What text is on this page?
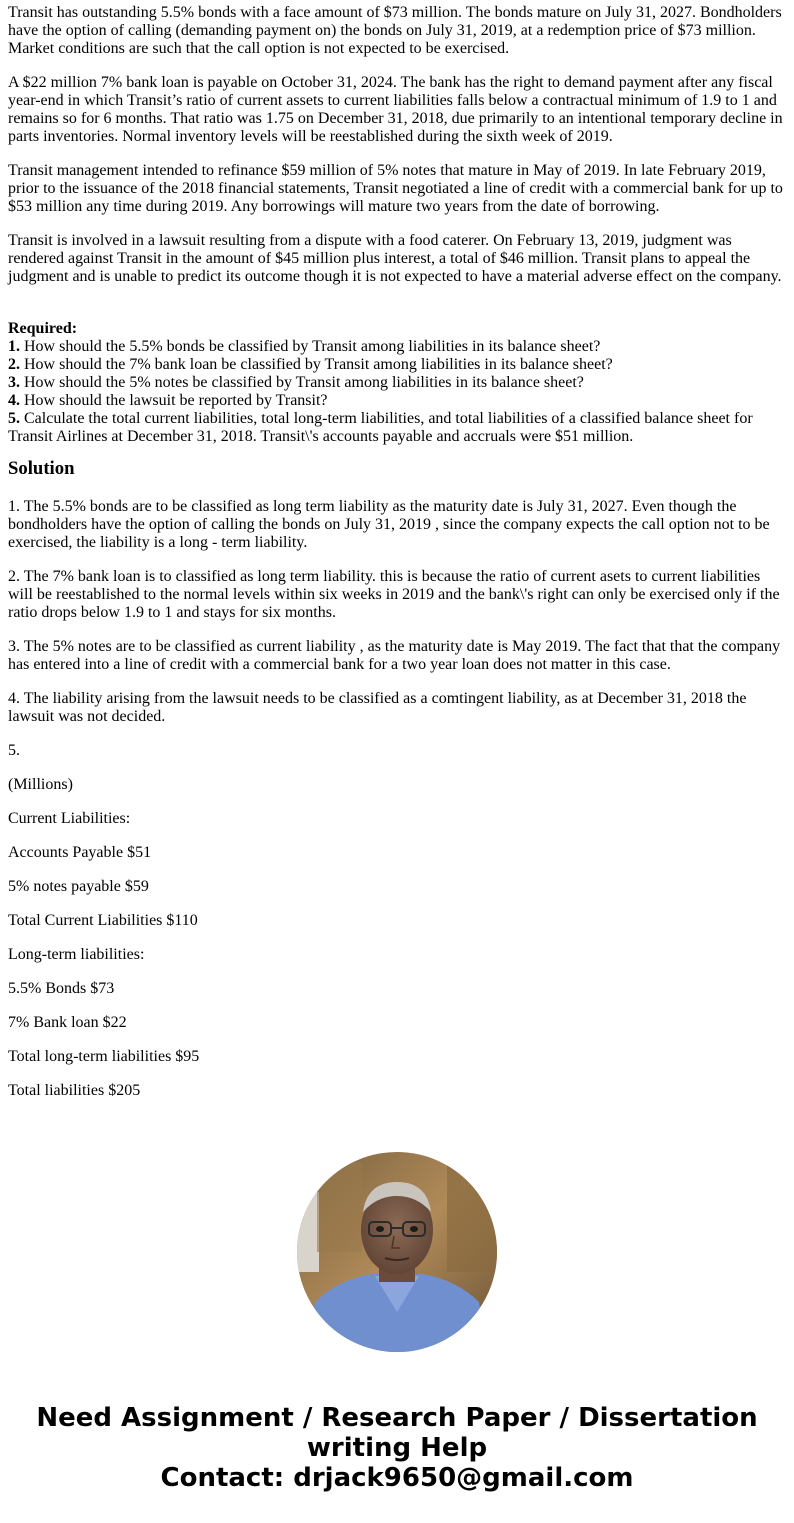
Transit has outstanding 5.5% bonds with a face amount of $73 million. The bonds mature on July 31, 2027. Bondholders have the option of calling (demanding payment on) the bonds on July 31, 2019, at a redemption price of $73 million. Market conditions are such that the call option is not expected to be exercised.

A $22 million 7% bank loan is payable on October 31, 2024. The bank has the right to demand payment after any fiscal year-end in which Transit’s ratio of current assets to current liabilities falls below a contractual minimum of 1.9 to 1 and remains so for 6 months. That ratio was 1.75 on December 31, 2018, due primarily to an intentional temporary decline in parts inventories. Normal inventory levels will be reestablished during the sixth week of 2019.

Transit management intended to refinance $59 million of 5% notes that mature in May of 2019. In late February 2019, prior to the issuance of the 2018 financial statements, Transit negotiated a line of credit with a commercial bank for up to $53 million any time during 2019. Any borrowings will mature two years from the date of borrowing.

Transit is involved in a lawsuit resulting from a dispute with a food caterer. On February 13, 2019, judgment was rendered against Transit in the amount of $45 million plus interest, a total of $46 million. Transit plans to appeal the judgment and is unable to predict its outcome though it is not expected to have a material adverse effect on the company.

Required:
1. How should the 5.5% bonds be classified by Transit among liabilities in its balance sheet?
2. How should the 7% bank loan be classified by Transit among liabilities in its balance sheet?
3. How should the 5% notes be classified by Transit among liabilities in its balance sheet?
4. How should the lawsuit be reported by Transit?
5. Calculate the total current liabilities, total long-term liabilities, and total liabilities of a classified balance sheet for Transit Airlines at December 31, 2018. Transit\'s accounts payable and accruals were $51 million.
Solution

1. The 5.5% bonds are to be classified as long term liability as the maturity date is July 31, 2027. Even though the bondholders have the option of calling the bonds on July 31, 2019 , since the company expects the call option not to be exercised, the liability is a long - term liability.

2. The 7% bank loan is to classified as long term liability. this is because the ratio of current asets to current liabilities will be reestablished to the normal levels within six weeks in 2019 and the bank\'s right can only be exercised only if the ratio drops below 1.9 to 1 and stays for six months.

3. The 5% notes are to be classified as current liability , as the maturity date is May 2019. The fact that that the company has entered into a line of credit with a commercial bank for a two year loan does not matter in this case.

4. The liability arising from the lawsuit needs to be classified as a comtingent liability, as at December 31, 2018 the lawsuit was not decided.

5.

(Millions)

Current Liabilities:

Accounts Payable $51

5% notes payable $59

Total Current Liabilities $110

Long-term liabilities:

5.5% Bonds $73

7% Bank loan $22

Total long-term liabilities $95

Total liabilities $205

Need Assignment / Research Paper / Dissertation
writing Help
Contact: drjack9650@gmail.com
